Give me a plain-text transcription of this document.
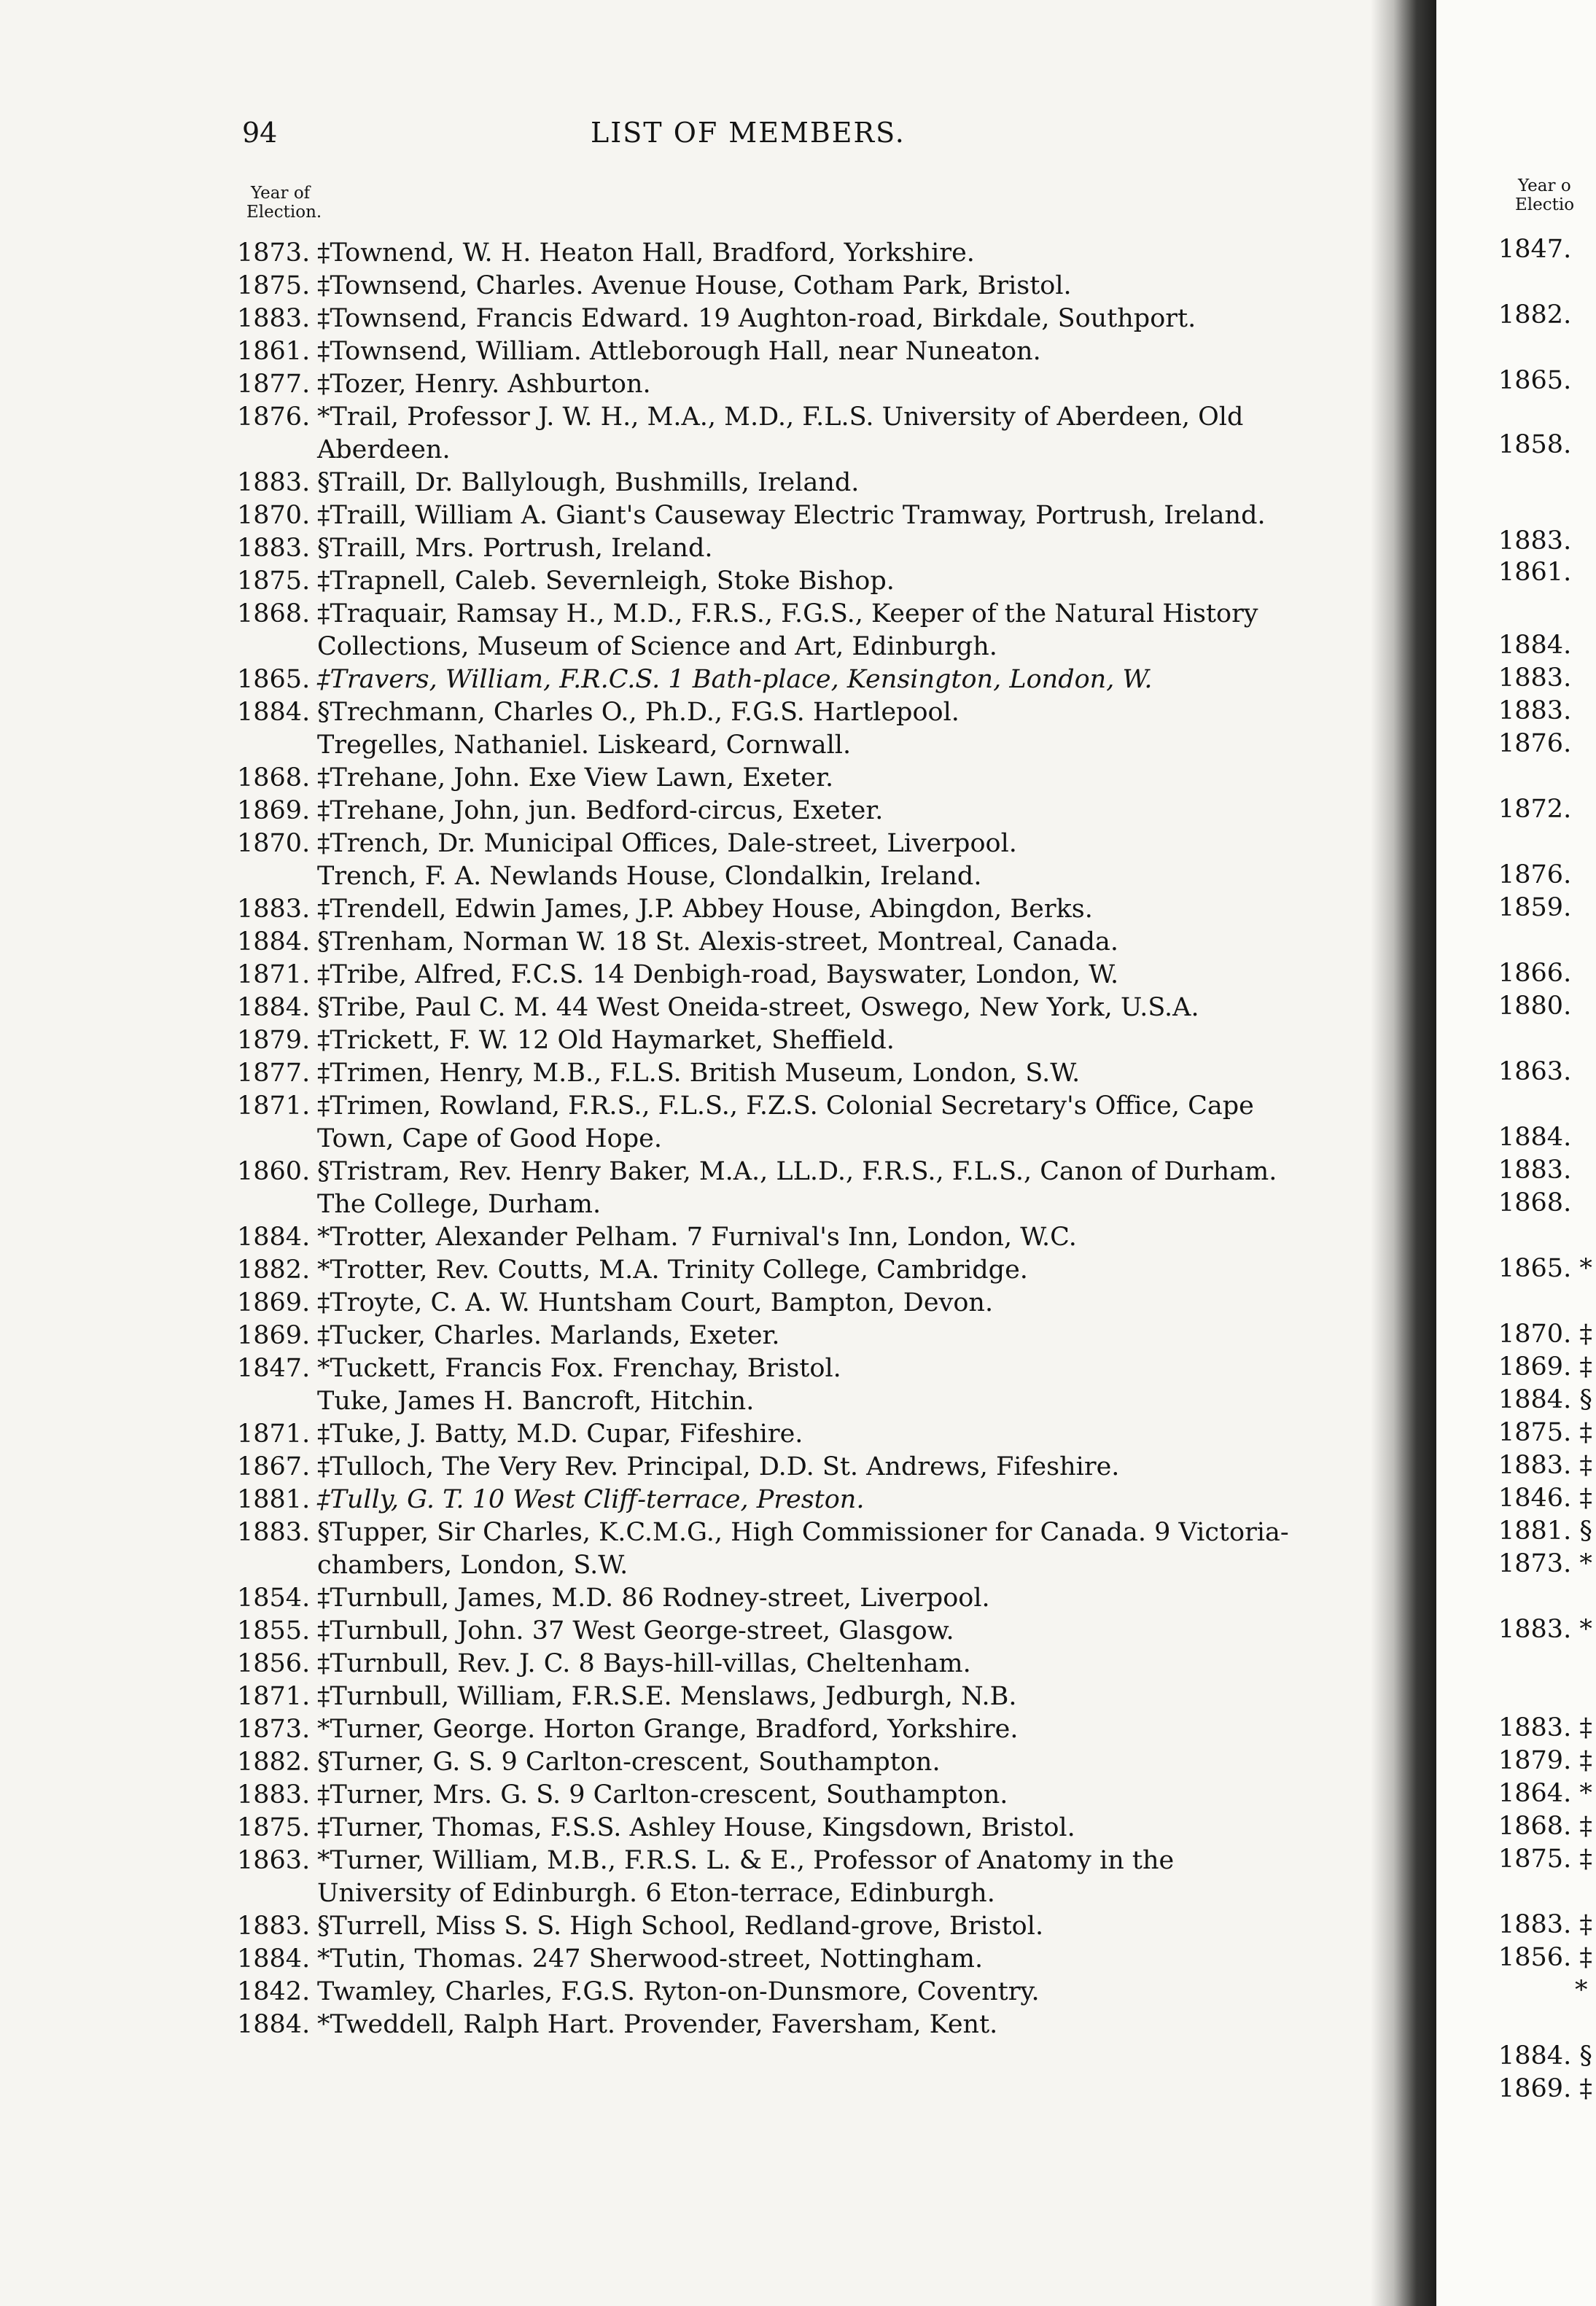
94	LIST OF MEMBERS.
Year of
Election.
1873. ‡Townend, W. H. Heaton Hall, Bradford, Yorkshire.
1875. ‡Townsend, Charles. Avenue House, Cotham Park, Bristol.
1883. ‡Townsend, Francis Edward. 19 Aughton-road, Birkdale, Southport.
1861. ‡Townsend, William. Attleborough Hall, near Nuneaton.
1877. ‡Tozer, Henry. Ashburton.
1876. *Trail, Professor J. W. H., M.A., M.D., F.L.S. University of Aberdeen, Old Aberdeen.
1883. §Traill, Dr. Ballylough, Bushmills, Ireland.
1870. ‡Traill, William A. Giant's Causeway Electric Tramway, Portrush, Ireland.
1883. §Traill, Mrs. Portrush, Ireland.
1875. ‡Trapnell, Caleb. Severnleigh, Stoke Bishop.
1868. ‡Traquair, Ramsay H., M.D., F.R.S., F.G.S., Keeper of the Natural History Collections, Museum of Science and Art, Edinburgh.
1865. ‡Travers, William, F.R.C.S. 1 Bath-place, Kensington, London, W.
1884. §Trechmann, Charles O., Ph.D., F.G.S. Hartlepool.
Tregelles, Nathaniel. Liskeard, Cornwall.
1868. ‡Trehane, John. Exe View Lawn, Exeter.
1869. ‡Trehane, John, jun. Bedford-circus, Exeter.
1870. ‡Trench, Dr. Municipal Offices, Dale-street, Liverpool.
Trench, F. A. Newlands House, Clondalkin, Ireland.
1883. ‡Trendell, Edwin James, J.P. Abbey House, Abingdon, Berks.
1884. §Trenham, Norman W. 18 St. Alexis-street, Montreal, Canada.
1871. ‡Tribe, Alfred, F.C.S. 14 Denbigh-road, Bayswater, London, W.
1884. §Tribe, Paul C. M. 44 West Oneida-street, Oswego, New York, U.S.A.
1879. ‡Trickett, F. W. 12 Old Haymarket, Sheffield.
1877. ‡Trimen, Henry, M.B., F.L.S. British Museum, London, S.W.
1871. ‡Trimen, Rowland, F.R.S., F.L.S., F.Z.S. Colonial Secretary's Office, Cape Town, Cape of Good Hope.
1860. §Tristram, Rev. Henry Baker, M.A., LL.D., F.R.S., F.L.S., Canon of Durham. The College, Durham.
1884. *Trotter, Alexander Pelham. 7 Furnival's Inn, London, W.C.
1882. *Trotter, Rev. Coutts, M.A. Trinity College, Cambridge.
1869. ‡Troyte, C. A. W. Huntsham Court, Bampton, Devon.
1869. ‡Tucker, Charles. Marlands, Exeter.
1847. *Tuckett, Francis Fox. Frenchay, Bristol.
Tuke, James H. Bancroft, Hitchin.
1871. ‡Tuke, J. Batty, M.D. Cupar, Fifeshire.
1867. ‡Tulloch, The Very Rev. Principal, D.D. St. Andrews, Fifeshire.
1881. ‡Tully, G. T. 10 West Cliff-terrace, Preston.
1883. §Tupper, Sir Charles, K.C.M.G., High Commissioner for Canada. 9 Victoria-chambers, London, S.W.
1854. ‡Turnbull, James, M.D. 86 Rodney-street, Liverpool.
1855. ‡Turnbull, John. 37 West George-street, Glasgow.
1856. ‡Turnbull, Rev. J. C. 8 Bays-hill-villas, Cheltenham.
1871. ‡Turnbull, William, F.R.S.E. Menslaws, Jedburgh, N.B.
1873. *Turner, George. Horton Grange, Bradford, Yorkshire.
1882. §Turner, G. S. 9 Carlton-crescent, Southampton.
1883. ‡Turner, Mrs. G. S. 9 Carlton-crescent, Southampton.
1875. ‡Turner, Thomas, F.S.S. Ashley House, Kingsdown, Bristol.
1863. *Turner, William, M.B., F.R.S. L. & E., Professor of Anatomy in the University of Edinburgh. 6 Eton-terrace, Edinburgh.
1883. §Turrell, Miss S. S. High School, Redland-grove, Bristol.
1884. *Tutin, Thomas. 247 Sherwood-street, Nottingham.
1842. Twamley, Charles, F.G.S. Ryton-on-Dunsmore, Coventry.
1884. *Tweddell, Ralph Hart. Provender, Faversham, Kent.
Year o
Electio
1847.
1882.
1865.
1858.
1883.
1861.
1884.
1883.
1883.
1876.
1872.
1876.
1859.
1866.
1880.
1863.
1884.
1883.
1868.
1865. *
1870. ‡
1869. ‡
1884. §
1875. ‡
1883. ‡
1846. ‡
1881. §
1873. *
1883. *
1883. ‡
1879. ‡
1864. *
1868. ‡
1875. ‡
1883. ‡
1856. ‡
*
1884. §
1869. ‡
